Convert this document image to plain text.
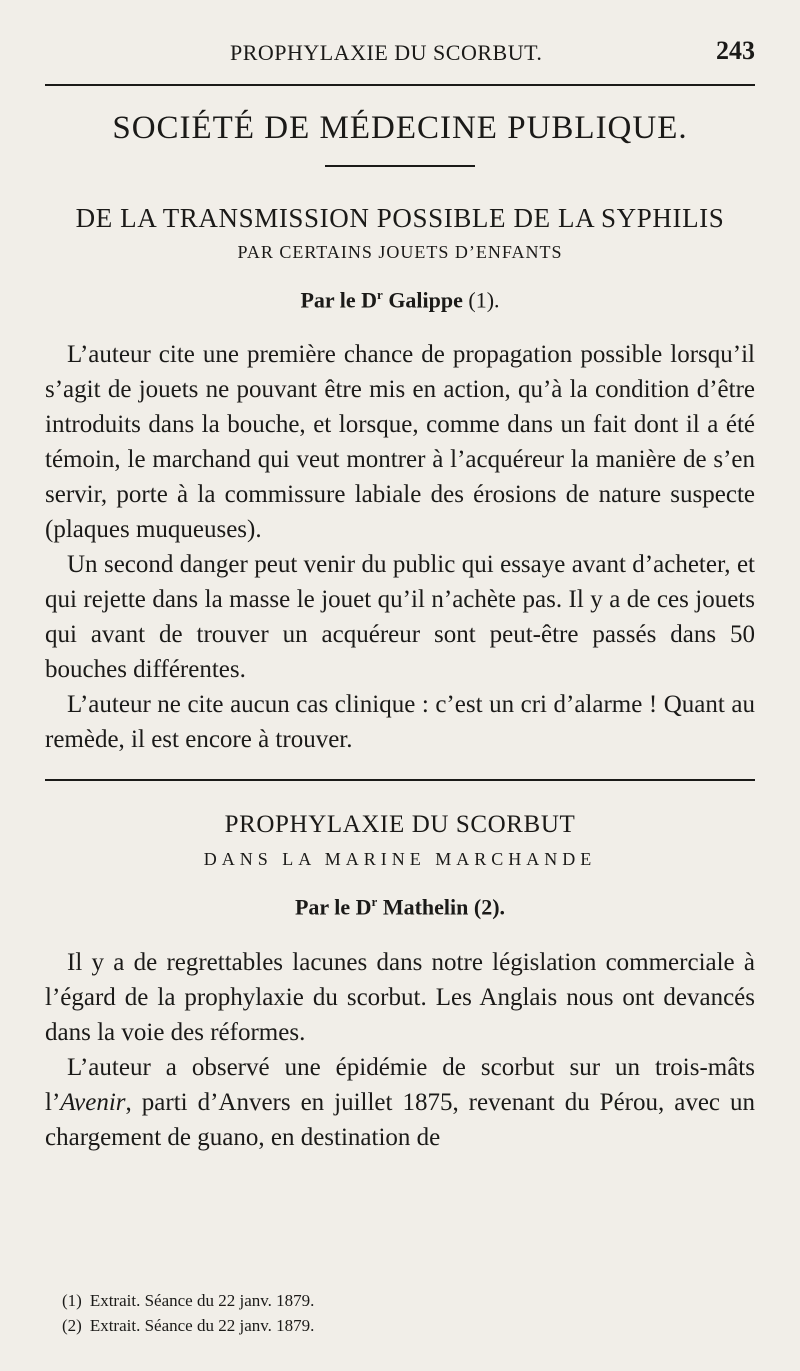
PROPHYLAXIE DU SCORBUT.	243
SOCIÉTÉ DE MÉDECINE PUBLIQUE.
DE LA TRANSMISSION POSSIBLE DE LA SYPHILIS
PAR CERTAINS JOUETS D’ENFANTS
Par le $D^r$ Galippe (1).

L’auteur cite une première chance de propagation possible lorsqu’il s’agit de jouets ne pouvant être mis en action, qu’à la condition d’être introduits dans la bouche, et lorsque, comme dans un fait dont il a été témoin, le marchand qui veut montrer à l’acquéreur la manière de s’en servir, porte à la commissure labiale des érosions de nature suspecte (plaques muqueuses).

Un second danger peut venir du public qui essaye avant d’acheter, et qui rejette dans la masse le jouet qu’il n’achète pas. Il y a de ces jouets qui avant de trouver un acquéreur sont peut-être passés dans 50 bouches différentes.

L’auteur ne cite aucun cas clinique : c’est un cri d’alarme ! Quant au remède, il est encore à trouver.

PROPHYLAXIE DU SCORBUT
DANS LA MARINE MARCHANDE
Par le $D^r$ Mathelin (2).

Il y a de regrettables lacunes dans notre législation commerciale à l’égard de la prophylaxie du scorbut. Les Anglais nous ont devancés dans la voie des réformes.

L’auteur a observé une épidémie de scorbut sur un trois-mâts l’Avenir, parti d’Anvers en juillet 1875, revenant du Pérou, avec un chargement de guano, en destination de

(1) Extrait. Séance du 22 janv. 1879.
(2) Extrait. Séance du 22 janv. 1879.
